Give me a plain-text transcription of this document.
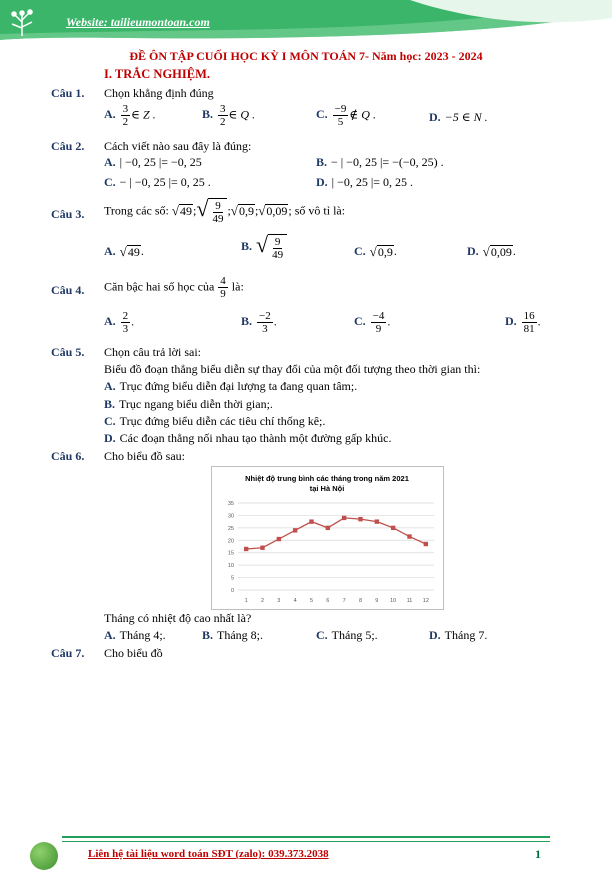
Website: tailieumontoan.com
ĐỀ ÔN TẬP CUỐI HỌC KỲ I MÔN TOÁN 7- Năm học: 2023 - 2024
I. TRẮC NGHIỆM.
Câu 1. Chọn khẳng định đúng
A. $\frac{3}{2}$ ∈ Z .	B. $\frac{3}{2}$ ∈ Q .	C. $\frac{-9}{5}$ ∉ Q .	D. −5 ∈ N .
Câu 2. Cách viết nào sau đây là đúng:
A. | −0, 25 |= −0, 25	B. − | −0, 25 |= −(−0, 25) .
C. − | −0, 25 |= 0, 25 .	D. | −0, 25 |= 0, 25 .
Câu 3. Trong các số: √ 49 ; √ $\frac{9}{49}$ ; √ 0,9 ; √ 0,09 ; số vô tỉ là:
A. √ 49 .	B. √ $\frac{9}{49}$	C. √ 0,9 .	D. √ 0,09 .
Câu 4. Căn bậc hai số học của $\frac{4}{9}$ là:
A. $\frac{2}{3}$ .	B. $\frac{-2}{3}$ .	C. $\frac{-4}{9}$ .	D. $\frac{16}{81}$ .
Câu 5. Chọn câu trả lời sai:
Biểu đồ đoạn thẳng biểu diễn sự thay đổi của một đối tượng theo thời gian thì:
A. Trục đứng biểu diễn đại lượng ta đang quan tâm;.
B. Trục ngang biểu diễn thời gian;.
C. Trục đứng biểu diễn các tiêu chí thống kê;.
D. Các đoạn thẳng nối nhau tạo thành một đường gấp khúc.
Câu 6. Cho biểu đồ sau:
Nhiệt độ trung bình các tháng trong năm 2021
tại Hà Nội
0
5
10
15
20
25
30
35
1 2 3 4 5 6 7 8 9 10 11 12
Tháng có nhiệt độ cao nhất là?
A. Tháng 4;.	B. Tháng 8;.	C. Tháng 5;.	D. Tháng 7.
Câu 7. Cho biểu đồ
Liên hệ tài liệu word toán SĐT (zalo): 039.373.2038	1
